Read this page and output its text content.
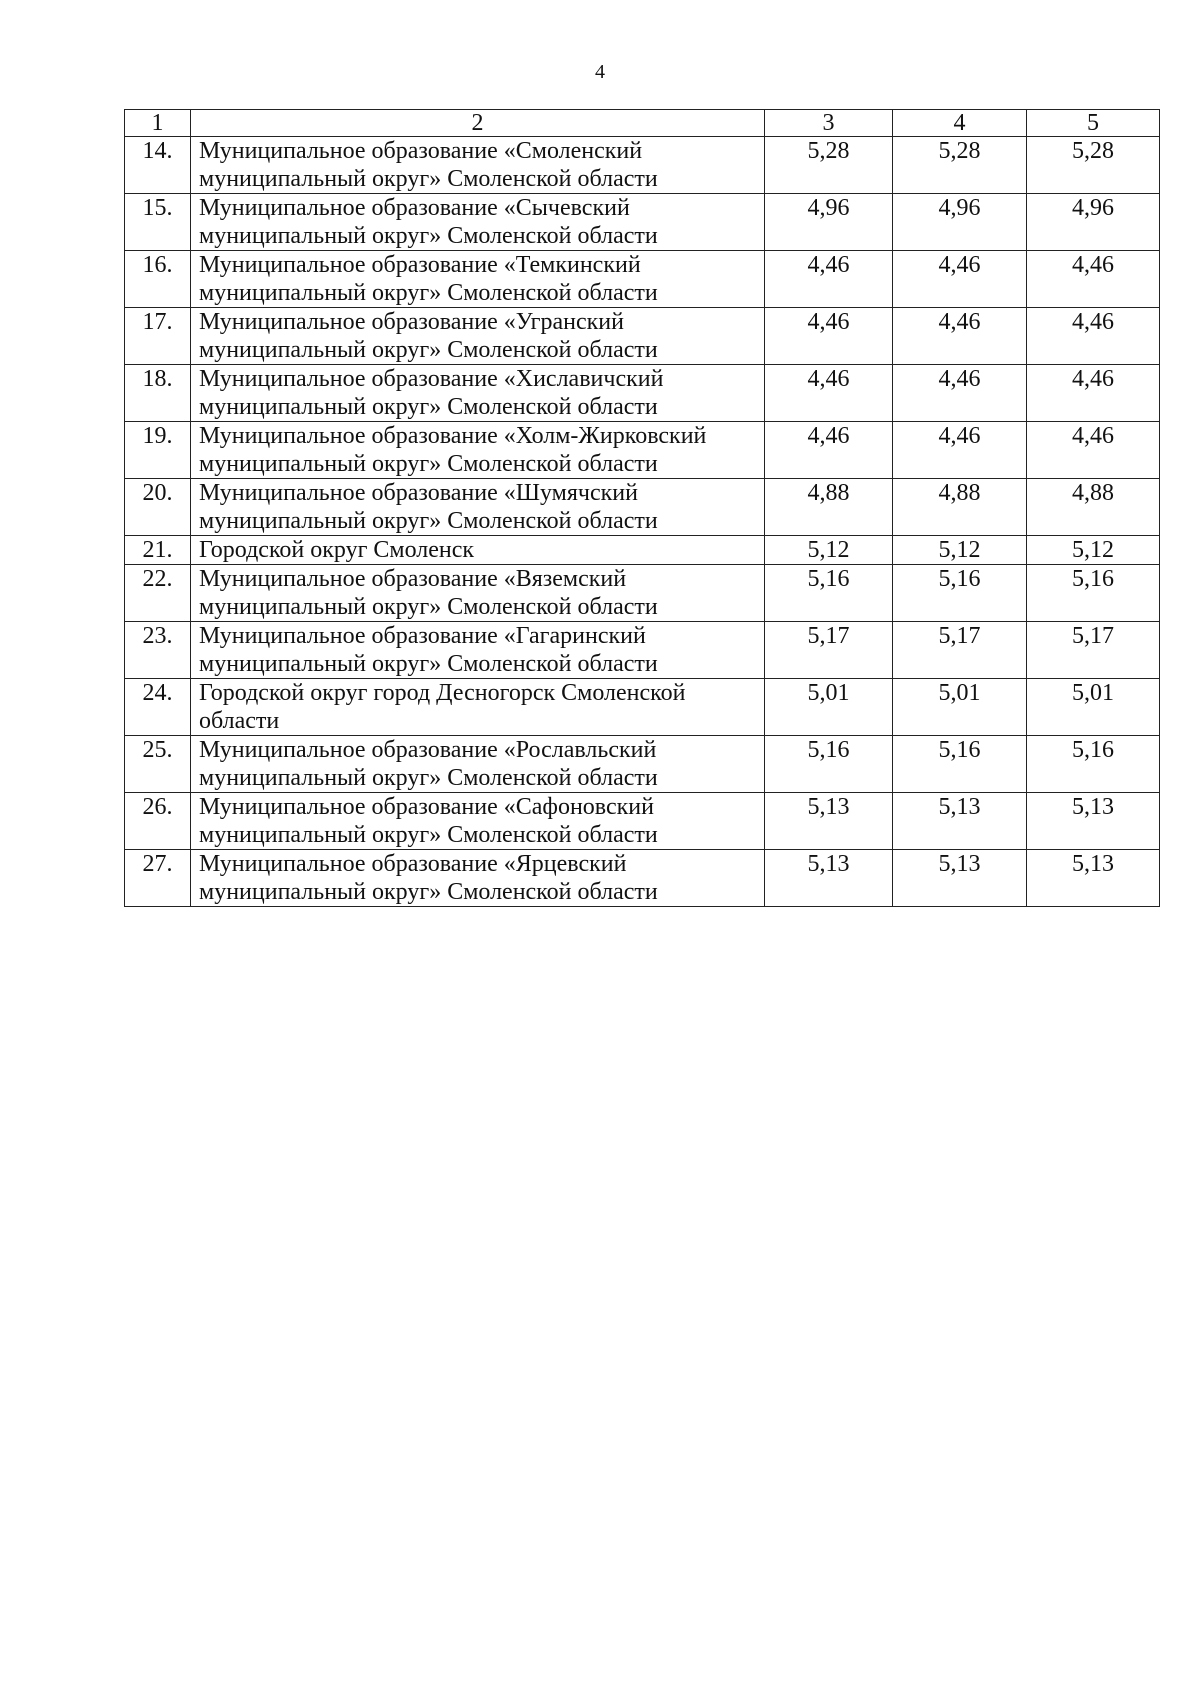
4
1	2	3	4	5
14.	Муниципальное образование «Смоленский муниципальный округ» Смоленской области	5,28	5,28	5,28
15.	Муниципальное образование «Сычевский муниципальный округ» Смоленской области	4,96	4,96	4,96
16.	Муниципальное образование «Темкинский муниципальный округ» Смоленской области	4,46	4,46	4,46
17.	Муниципальное образование «Угранский муниципальный округ» Смоленской области	4,46	4,46	4,46
18.	Муниципальное образование «Хиславичский муниципальный округ» Смоленской области	4,46	4,46	4,46
19.	Муниципальное образование «Холм-Жирковский муниципальный округ» Смоленской области	4,46	4,46	4,46
20.	Муниципальное образование «Шумячский муниципальный округ» Смоленской области	4,88	4,88	4,88
21.	Городской округ Смоленск	5,12	5,12	5,12
22.	Муниципальное образование «Вяземский муниципальный округ» Смоленской области	5,16	5,16	5,16
23.	Муниципальное образование «Гагаринский муниципальный округ» Смоленской области	5,17	5,17	5,17
24.	Городской округ город Десногорск Смоленской области	5,01	5,01	5,01
25.	Муниципальное образование «Рославльский муниципальный округ» Смоленской области	5,16	5,16	5,16
26.	Муниципальное образование «Сафоновский муниципальный округ» Смоленской области	5,13	5,13	5,13
27.	Муниципальное образование «Ярцевский муниципальный округ» Смоленской области	5,13	5,13	5,13
